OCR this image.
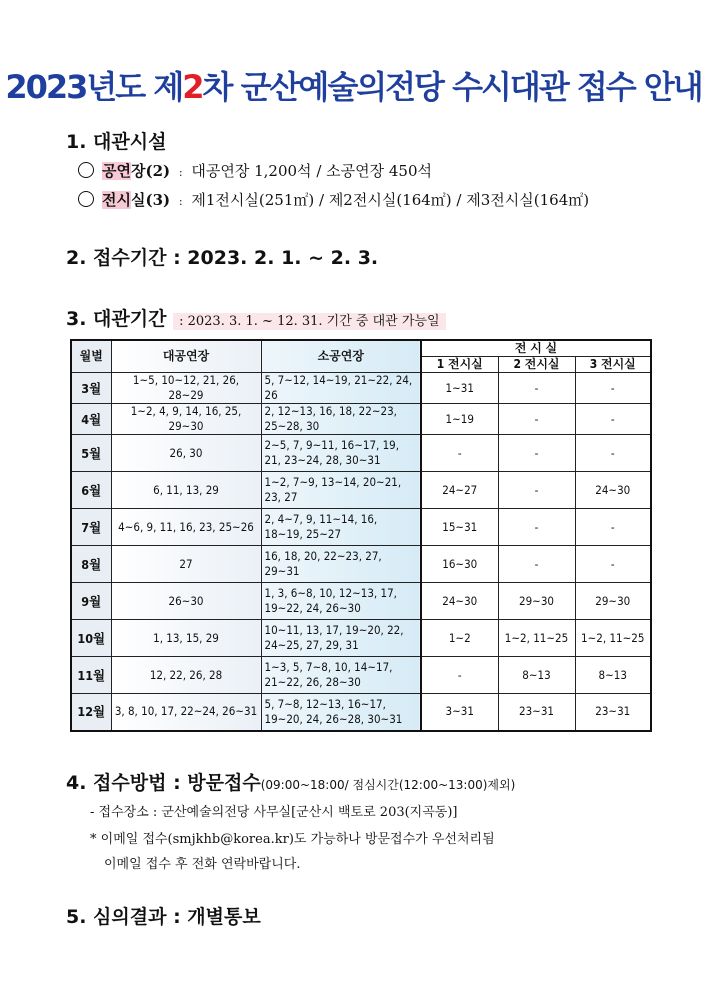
2023년도 제2차 군산예술의전당 수시대관 접수 안내
1. 대관시설
공연장(2) : 대공연장 1,200석 / 소공연장 450석
전시실(3) : 제1전시실(251㎡) / 제2전시실(164㎡) / 제3전시실(164㎡)
2. 접수기간 : 2023. 2. 1. ~ 2. 3.
3. 대관기간 : 2023. 3. 1. ~ 12. 31. 기간 중 대관 가능일
월별	대공연장	소공연장	전 시 실		
			1 전시실	2 전시실	3 전시실
3월	1~5, 10~12, 21, 26, 28~29	5, 7~12, 14~19, 21~22, 24, 26	1~31	-	-
4월	1~2, 4, 9, 14, 16, 25, 29~30	2, 12~13, 16, 18, 22~23, 25~28, 30	1~19	-	-
5월	26, 30	2~5, 7, 9~11, 16~17, 19, 21, 23~24, 28, 30~31	-	-	-
6월	6, 11, 13, 29	1~2, 7~9, 13~14, 20~21, 23, 27	24~27	-	24~30
7월	4~6, 9, 11, 16, 23, 25~26	2, 4~7, 9, 11~14, 16, 18~19, 25~27	15~31	-	-
8월	27	16, 18, 20, 22~23, 27, 29~31	16~30	-	-
9월	26~30	1, 3, 6~8, 10, 12~13, 17, 19~22, 24, 26~30	24~30	29~30	29~30
10월	1, 13, 15, 29	10~11, 13, 17, 19~20, 22, 24~25, 27, 29, 31	1~2	1~2, 11~25	1~2, 11~25
11월	12, 22, 26, 28	1~3, 5, 7~8, 10, 14~17, 21~22, 26, 28~30	-	8~13	8~13
12월	3, 8, 10, 17, 22~24, 26~31	5, 7~8, 12~13, 16~17, 19~20, 24, 26~28, 30~31	3~31	23~31	23~31
4. 접수방법 : 방문접수(09:00~18:00/ 점심시간(12:00~13:00)제외)
- 접수장소 : 군산예술의전당 사무실[군산시 백토로 203(지곡동)]
* 이메일 접수(smjkhb@korea.kr)도 가능하나 방문접수가 우선처리됨
이메일 접수 후 전화 연락바랍니다.
5. 심의결과 : 개별통보
